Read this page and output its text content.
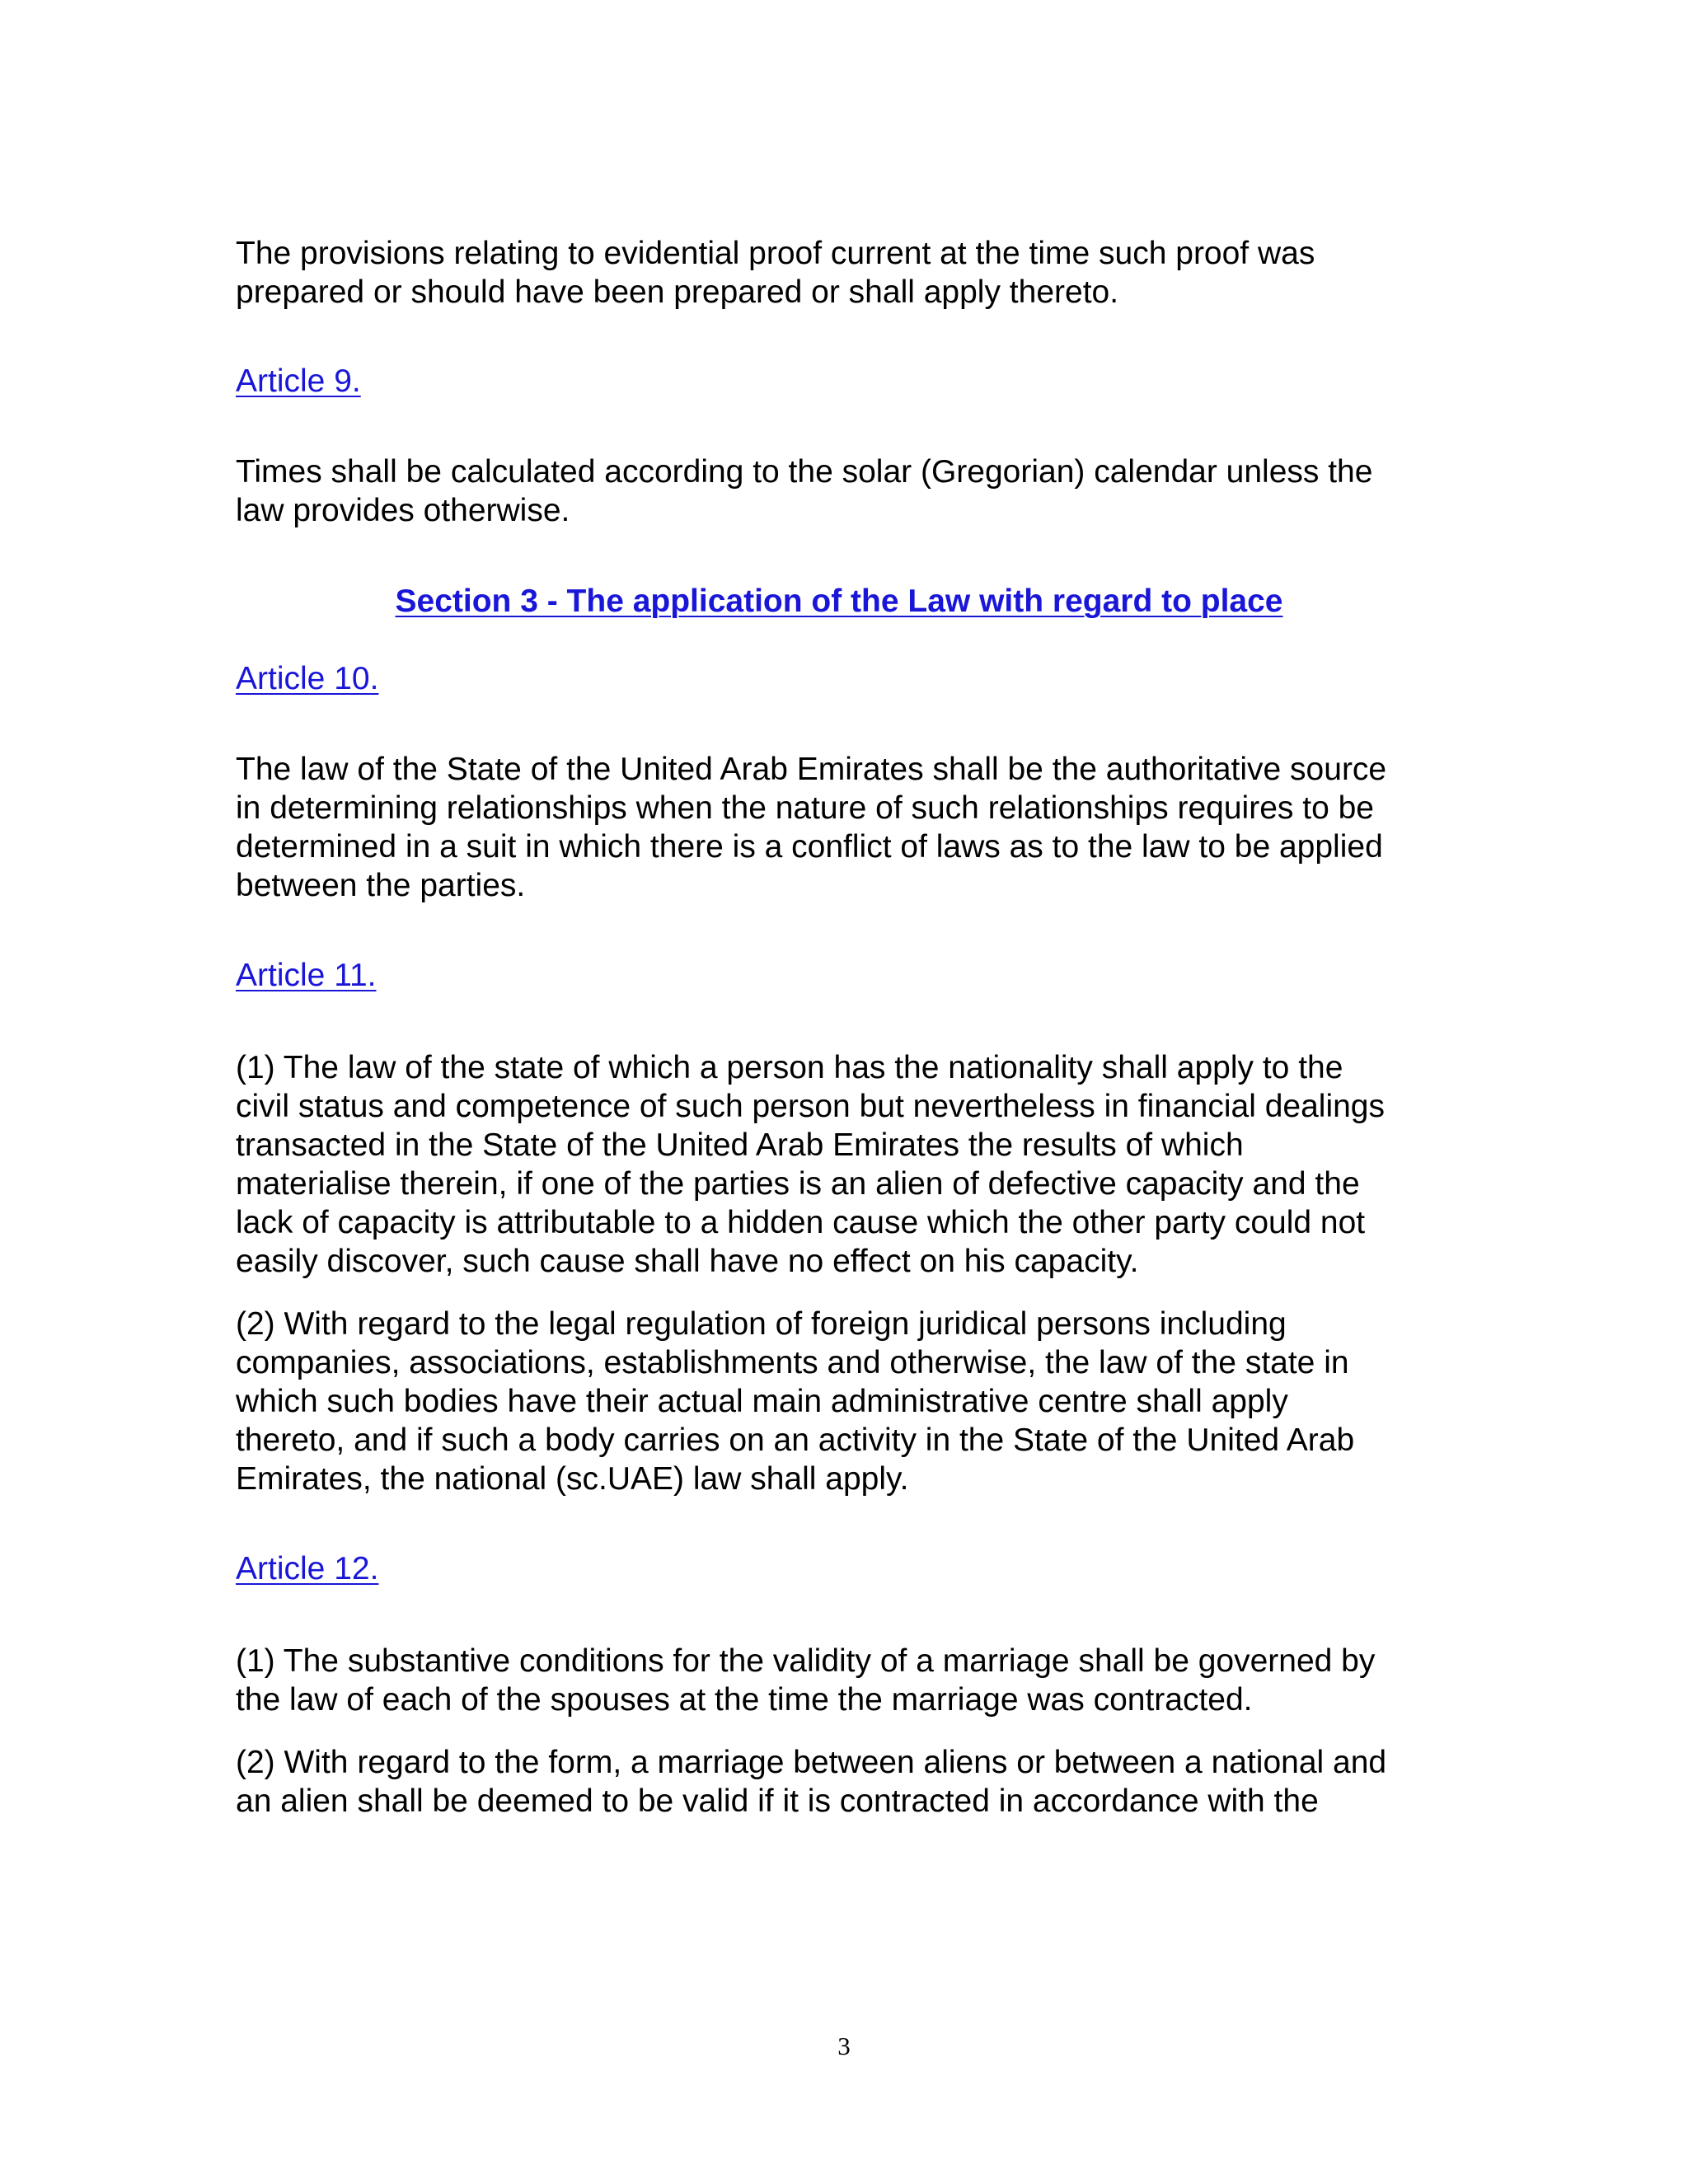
The provisions relating to evidential proof current at the time such proof was
prepared or should have been prepared or shall apply thereto.

Article 9.

Times shall be calculated according to the solar (Gregorian) calendar unless the
law provides otherwise.

Section 3 - The application of the Law with regard to place

Article 10.

The law of the State of the United Arab Emirates shall be the authoritative source
in determining relationships when the nature of such relationships requires to be
determined in a suit in which there is a conflict of laws as to the law to be applied
between the parties.

Article 11.

(1) The law of the state of which a person has the nationality shall apply to the
civil status and competence of such person but nevertheless in financial dealings
transacted in the State of the United Arab Emirates the results of which
materialise therein, if one of the parties is an alien of defective capacity and the
lack of capacity is attributable to a hidden cause which the other party could not
easily discover, such cause shall have no effect on his capacity.

(2) With regard to the legal regulation of foreign juridical persons including
companies, associations, establishments and otherwise, the law of the state in
which such bodies have their actual main administrative centre shall apply
thereto, and if such a body carries on an activity in the State of the United Arab
Emirates, the national (sc.UAE) law shall apply.

Article 12.

(1) The substantive conditions for the validity of a marriage shall be governed by
the law of each of the spouses at the time the marriage was contracted.

(2) With regard to the form, a marriage between aliens or between a national and
an alien shall be deemed to be valid if it is contracted in accordance with the

3
